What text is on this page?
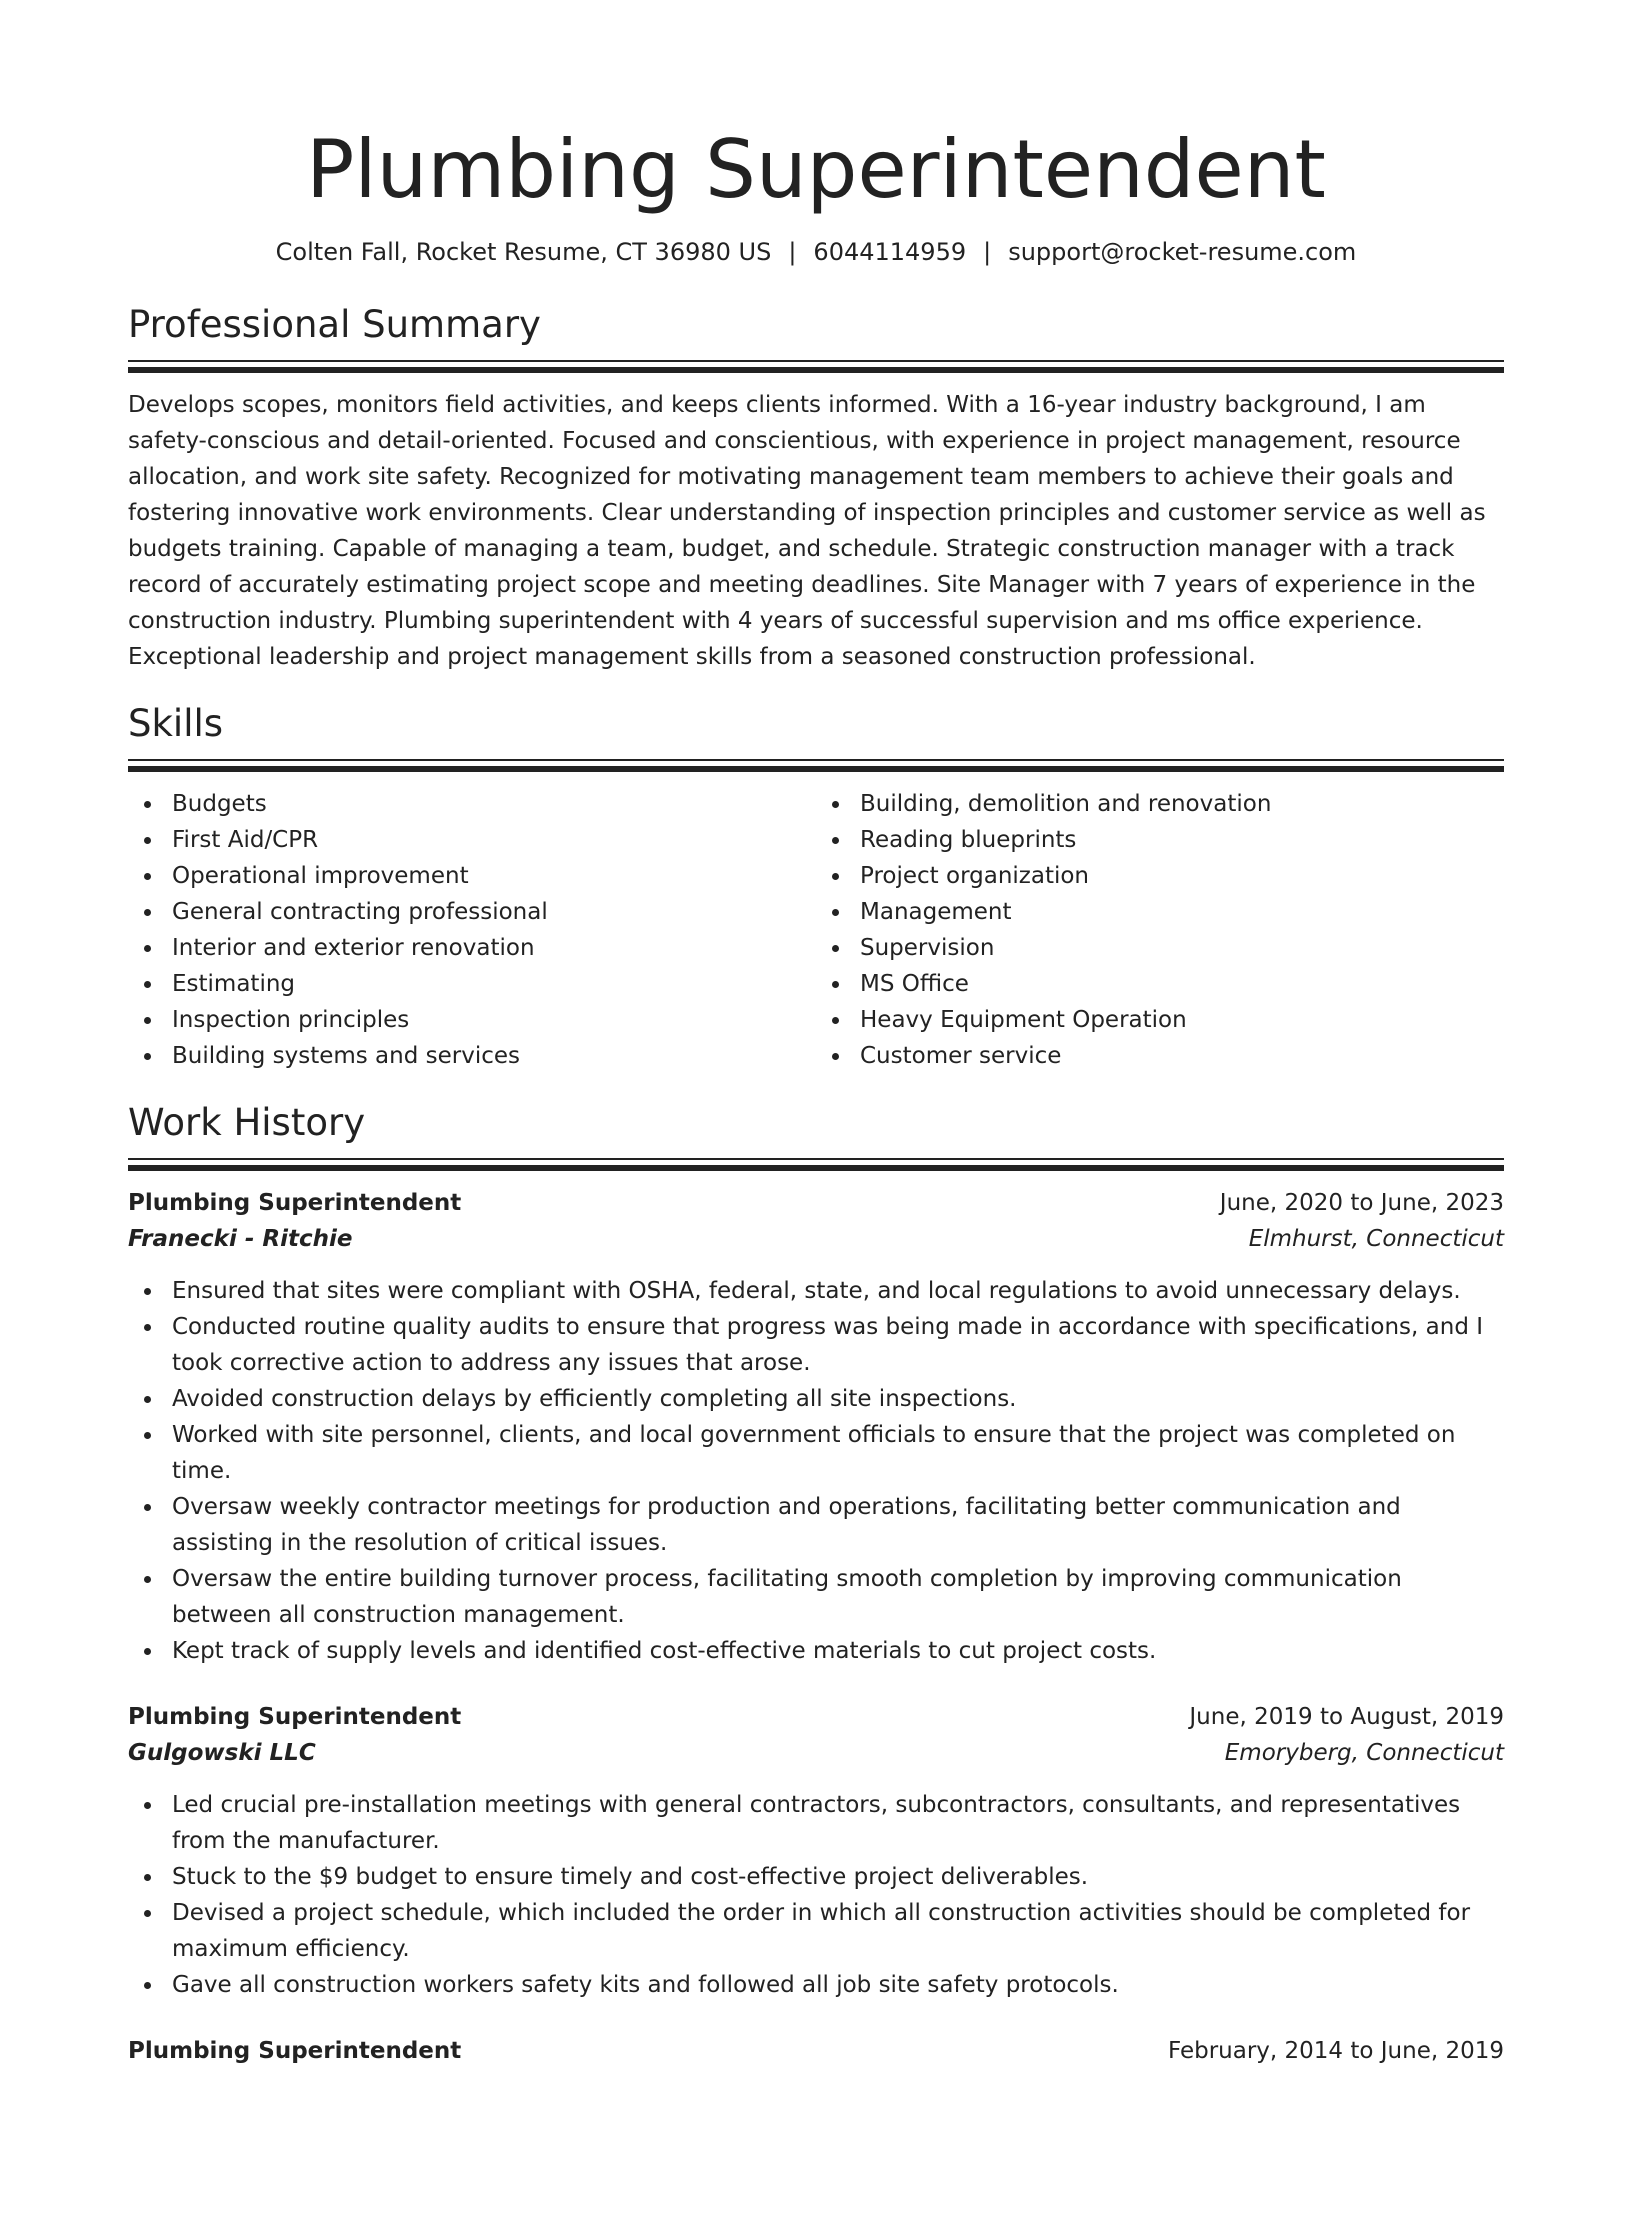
Plumbing Superintendent
Colten Fall, Rocket Resume, CT 36980 US | 6044114959 | support@rocket-resume.com
Professional Summary

Develops scopes, monitors field activities, and keeps clients informed. With a 16-year industry background, I am safety-conscious and detail-oriented. Focused and conscientious, with experience in project management, resource allocation, and work site safety. Recognized for motivating management team members to achieve their goals and fostering innovative work environments. Clear understanding of inspection principles and customer service as well as budgets training. Capable of managing a team, budget, and schedule. Strategic construction manager with a track record of accurately estimating project scope and meeting deadlines. Site Manager with 7 years of experience in the construction industry. Plumbing superintendent with 4 years of successful supervision and ms office experience. Exceptional leadership and project management skills from a seasoned construction professional.

Skills
Budgets
First Aid/CPR
Operational improvement
General contracting professional
Interior and exterior renovation
Estimating
Inspection principles
Building systems and services
Building, demolition and renovation
Reading blueprints
Project organization
Management
Supervision
MS Office
Heavy Equipment Operation
Customer service
Work History
Plumbing Superintendent	June, 2020 to June, 2023
Franecki - Ritchie	Elmhurst, Connecticut
Ensured that sites were compliant with OSHA, federal, state, and local regulations to avoid unnecessary delays.
Conducted routine quality audits to ensure that progress was being made in accordance with specifications, and I took corrective action to address any issues that arose.
Avoided construction delays by efficiently completing all site inspections.
Worked with site personnel, clients, and local government officials to ensure that the project was completed on time.
Oversaw weekly contractor meetings for production and operations, facilitating better communication and assisting in the resolution of critical issues.
Oversaw the entire building turnover process, facilitating smooth completion by improving communication between all construction management.
Kept track of supply levels and identified cost-effective materials to cut project costs.
Plumbing Superintendent	June, 2019 to August, 2019
Gulgowski LLC	Emoryberg, Connecticut
Led crucial pre-installation meetings with general contractors, subcontractors, consultants, and representatives from the manufacturer.
Stuck to the $9 budget to ensure timely and cost-effective project deliverables.
Devised a project schedule, which included the order in which all construction activities should be completed for maximum efficiency.
Gave all construction workers safety kits and followed all job site safety protocols.
Plumbing Superintendent	February, 2014 to June, 2019
